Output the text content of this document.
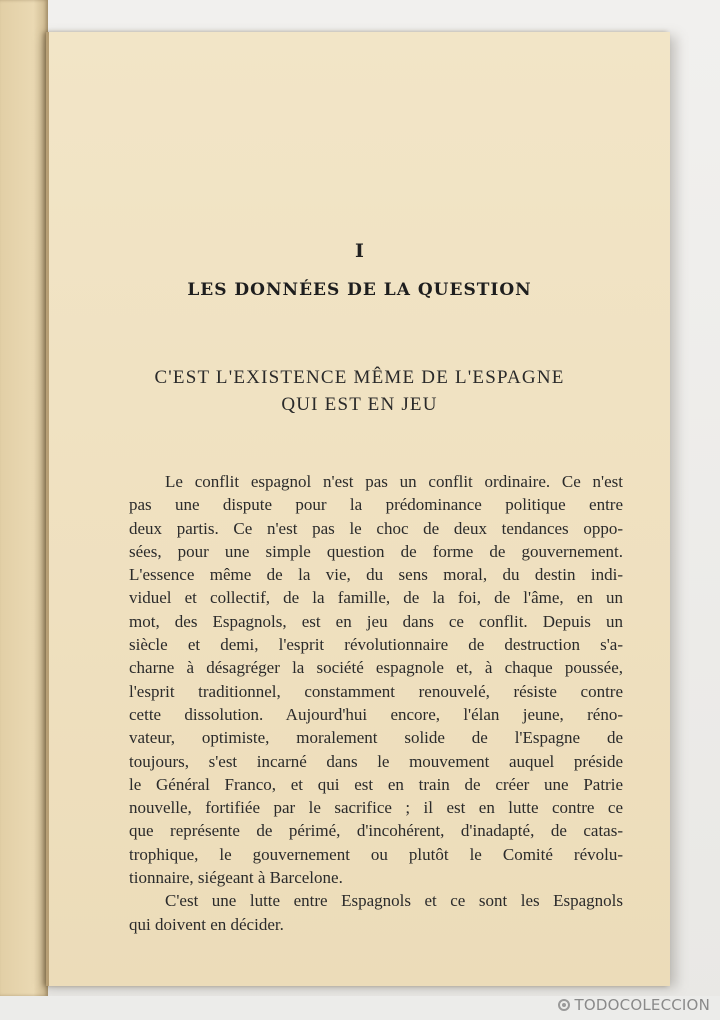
I
LES DONNÉES DE LA QUESTION
C'EST L'EXISTENCE MÊME DE L'ESPAGNE
QUI EST EN JEU
Le conflit espagnol n'est pas un conflit ordinaire. Ce n'est
pas une dispute pour la prédominance politique entre
deux partis. Ce n'est pas le choc de deux tendances oppo-
sées, pour une simple question de forme de gouvernement.
L'essence même de la vie, du sens moral, du destin indi-
viduel et collectif, de la famille, de la foi, de l'âme, en un
mot, des Espagnols, est en jeu dans ce conflit. Depuis un
siècle et demi, l'esprit révolutionnaire de destruction s'a-
charne à désagréger la société espagnole et, à chaque poussée,
l'esprit traditionnel, constamment renouvelé, résiste contre
cette dissolution. Aujourd'hui encore, l'élan jeune, réno-
vateur, optimiste, moralement solide de l'Espagne de
toujours, s'est incarné dans le mouvement auquel préside
le Général Franco, et qui est en train de créer une Patrie
nouvelle, fortifiée par le sacrifice ; il est en lutte contre ce
que représente de périmé, d'incohérent, d'inadapté, de catas-
trophique, le gouvernement ou plutôt le Comité révolu-
tionnaire, siégeant à Barcelone.
C'est une lutte entre Espagnols et ce sont les Espagnols
qui doivent en décider.
TODOCOLECCION
